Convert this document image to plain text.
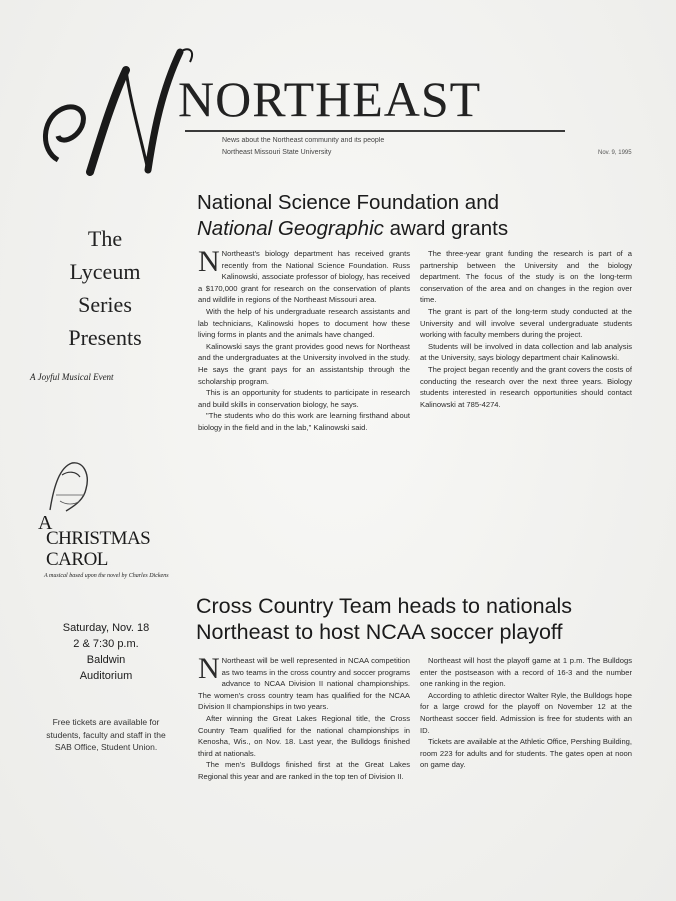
NORTHEAST
News about the Northeast community and its people
Northeast Missouri State University	Nov. 9, 1995
The
Lyceum
Series
Presents
A Joyful Musical Event
A
CHRISTMAS
CAROL
A musical based upon the novel by Charles Dickens
Saturday, Nov. 18
2 & 7:30 p.m.
Baldwin
Auditorium
Free tickets are available for students, faculty and staff in the SAB Office, Student Union.
National Science Foundation and
National Geographic award grants

N Northeast's biology department has received grants recently from the National Science Foundation. Russ Kalinowski, associate professor of biology, has received a $170,000 grant for research on the conservation of plants and wildlife in regions of the Northeast Missouri area.

With the help of his undergraduate research assistants and lab technicians, Kalinowski hopes to document how these living forms in plants and the animals have changed.

Kalinowski says the grant provides good news for Northeast and the undergraduates at the University involved in the study. He says the grant pays for an assistantship through the scholarship program.

This is an opportunity for students to participate in research and build skills in conservation biology, he says.

"The students who do this work are learning firsthand about biology in the field and in the lab," Kalinowski said.

The three-year grant funding the research is part of a partnership between the University and the biology department. The focus of the study is on the long-term conservation of the area and on changes in the region over time.

The grant is part of the long-term study conducted at the University and will involve several undergraduate students working with faculty members during the project.

Students will be involved in data collection and lab analysis at the University, says biology department chair Kalinowski.

The project began recently and the grant covers the costs of conducting the research over the next three years. Biology students interested in research opportunities should contact Kalinowski at 785-4274.

Cross Country Team heads to nationals
Northeast to host NCAA soccer playoff

N Northeast will be well represented in NCAA competition as two teams in the cross country and soccer programs advance to NCAA Division II national championships. The women's cross country team has qualified for the NCAA Division II championships in two years.

After winning the Great Lakes Regional title, the Cross Country Team qualified for the national championships in Kenosha, Wis., on Nov. 18. Last year, the Bulldogs finished third at nationals.

The men's Bulldogs finished first at the Great Lakes Regional this year and are ranked in the top ten of Division II.

Northeast will host the playoff game at 1 p.m. The Bulldogs enter the postseason with a record of 16-3 and the number one ranking in the region.

According to athletic director Walter Ryle, the Bulldogs hope for a large crowd for the playoff on November 12 at the Northeast soccer field. Admission is free for students with an ID.

Tickets are available at the Athletic Office, Pershing Building, room 223 for adults and for students. The gates open at noon on game day.
